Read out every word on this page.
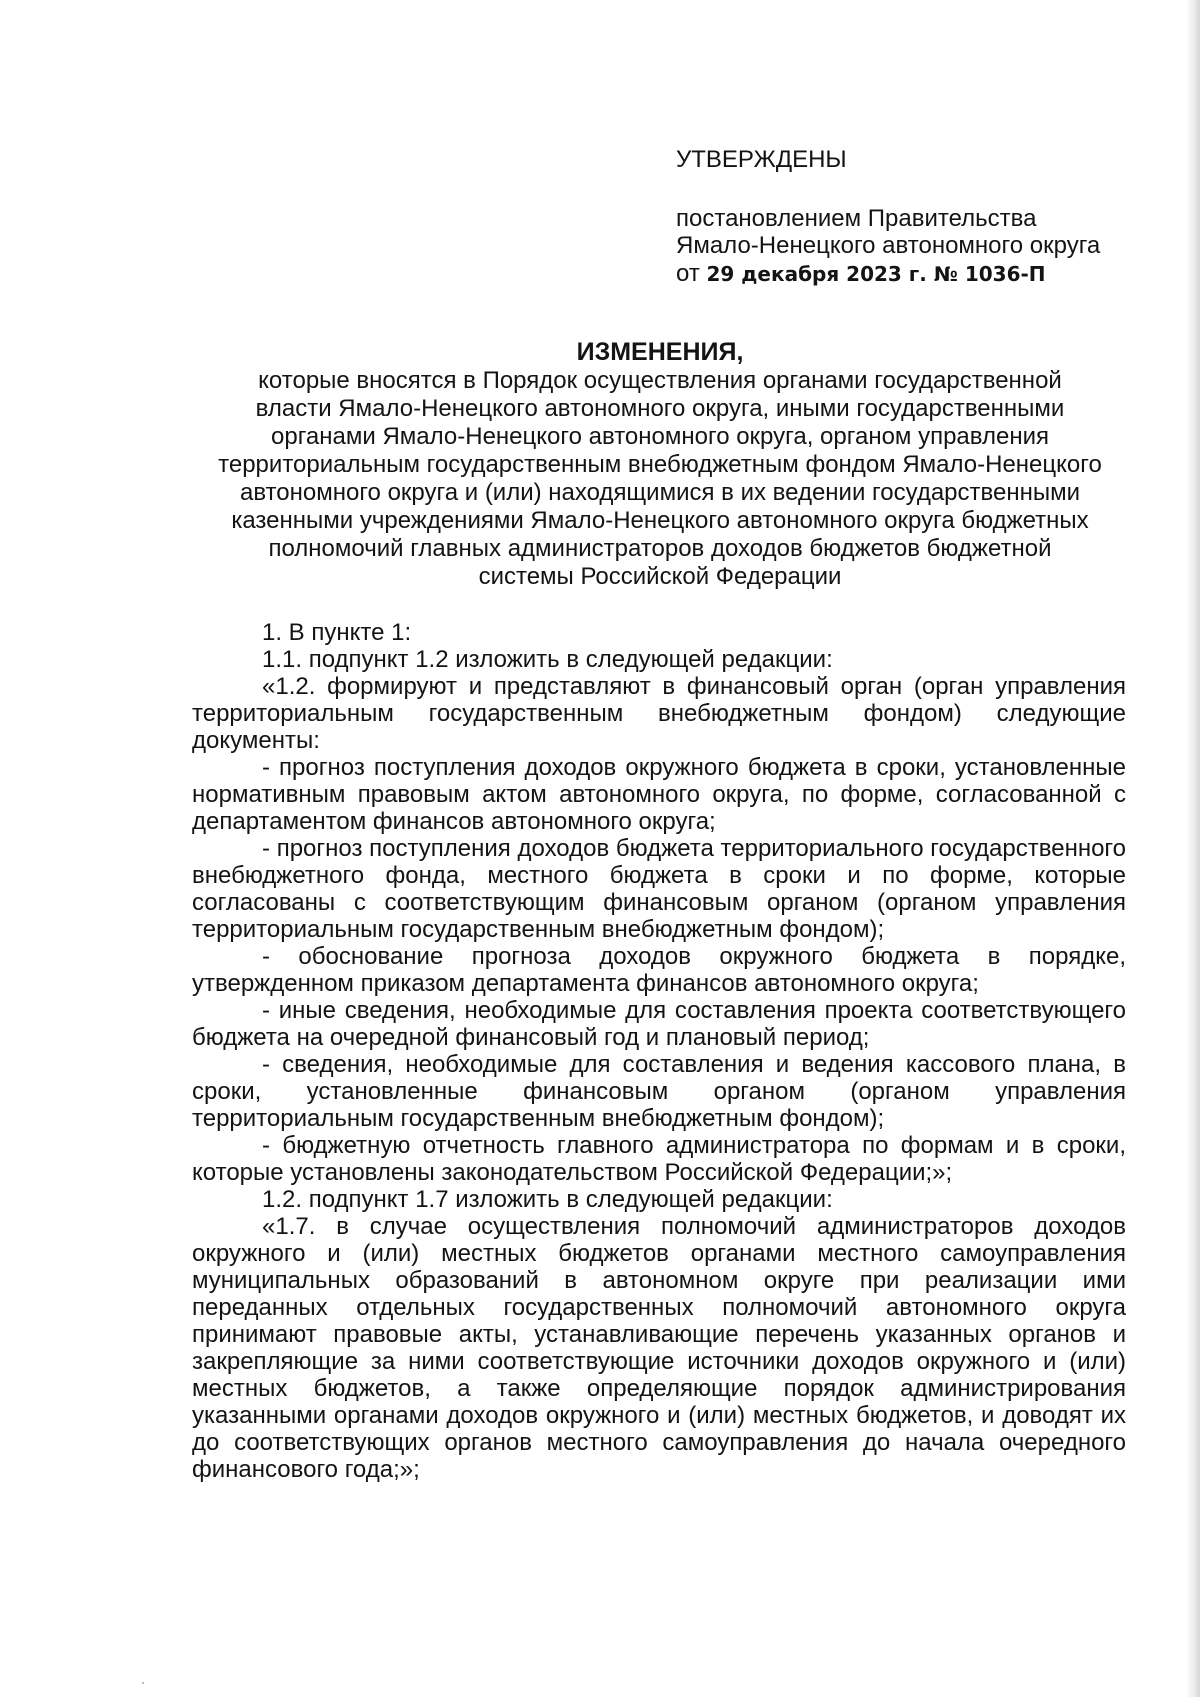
УТВЕРЖДЕНЫ
постановлением Правительства
Ямало-Ненецкого автономного округа
от 29 декабря 2023 г. № 1036-П
ИЗМЕНЕНИЯ,
которые вносятся в Порядок осуществления органами государственной
власти Ямало-Ненецкого автономного округа, иными государственными
органами Ямало-Ненецкого автономного округа, органом управления
территориальным государственным внебюджетным фондом Ямало-Ненецкого
автономного округа и (или) находящимися в их ведении государственными
казенными учреждениями Ямало-Ненецкого автономного округа бюджетных
полномочий главных администраторов доходов бюджетов бюджетной
системы Российской Федерации

1. В пункте 1:

1.1. подпункт 1.2 изложить в следующей редакции:

«1.2. формируют и представляют в финансовый орган (орган управления территориальным государственным внебюджетным фондом) следующие документы:

- прогноз поступления доходов окружного бюджета в сроки, установленные нормативным правовым актом автономного округа, по форме, согласованной с департаментом финансов автономного округа;

- прогноз поступления доходов бюджета территориального государственного внебюджетного фонда, местного бюджета в сроки и по форме, которые согласованы с соответствующим финансовым органом (органом управления территориальным государственным внебюджетным фондом);

- обоснование прогноза доходов окружного бюджета в порядке, утвержденном приказом департамента финансов автономного округа;

- иные сведения, необходимые для составления проекта соответствующего бюджета на очередной финансовый год и плановый период;

- сведения, необходимые для составления и ведения кассового плана, в сроки, установленные финансовым органом (органом управления территориальным государственным внебюджетным фондом);

- бюджетную отчетность главного администратора по формам и в сроки, которые установлены законодательством Российской Федерации;»;

1.2. подпункт 1.7 изложить в следующей редакции:

«1.7. в случае осуществления полномочий администраторов доходов окружного и (или) местных бюджетов органами местного самоуправления муниципальных образований в автономном округе при реализации ими переданных отдельных государственных полномочий автономного округа принимают правовые акты, устанавливающие перечень указанных органов и закрепляющие за ними соответствующие источники доходов окружного и (или) местных бюджетов, а также определяющие порядок администрирования указанными органами доходов окружного и (или) местных бюджетов, и доводят их до соответствующих органов местного самоуправления до начала очередного финансового года;»;
